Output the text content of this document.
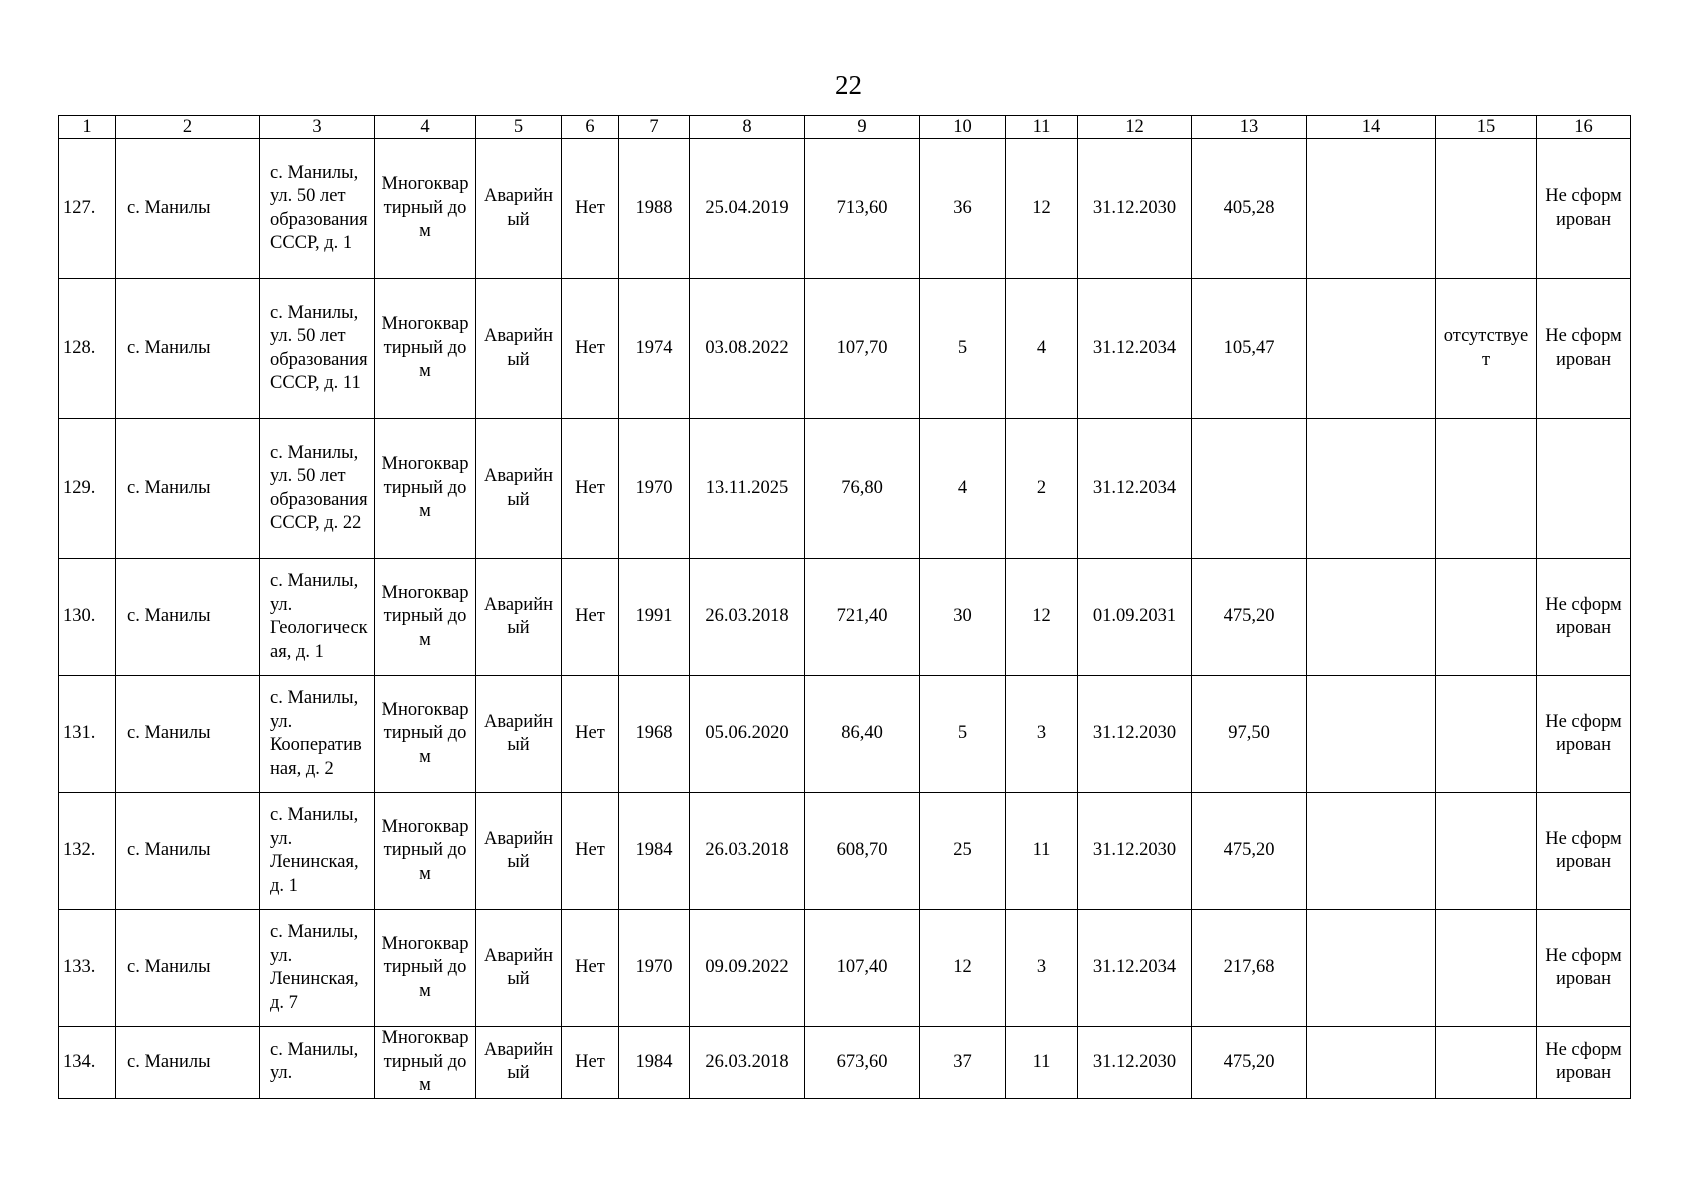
22
1	2	3	4	5	6	7	8	9	10	11	12	13	14	15	16
127.	с. Манилы	с. Манилы, ул. 50 лет образования СССР, д. 1	Многоквартирный дом	Аварийный	Нет	1988	25.04.2019	713,60	36	12	31.12.2030	405,28			Не сформирован
128.	с. Манилы	с. Манилы, ул. 50 лет образования СССР, д. 11	Многоквартирный дом	Аварийный	Нет	1974	03.08.2022	107,70	5	4	31.12.2034	105,47		отсутствует	Не сформирован
129.	с. Манилы	с. Манилы, ул. 50 лет образования СССР, д. 22	Многоквартирный дом	Аварийный	Нет	1970	13.11.2025	76,80	4	2	31.12.2034				
130.	с. Манилы	с. Манилы, ул. Геологическая, д. 1	Многоквартирный дом	Аварийный	Нет	1991	26.03.2018	721,40	30	12	01.09.2031	475,20			Не сформирован
131.	с. Манилы	с. Манилы, ул. Кооперативная, д. 2	Многоквартирный дом	Аварийный	Нет	1968	05.06.2020	86,40	5	3	31.12.2030	97,50			Не сформирован
132.	с. Манилы	с. Манилы, ул. Ленинская, д. 1	Многоквартирный дом	Аварийный	Нет	1984	26.03.2018	608,70	25	11	31.12.2030	475,20			Не сформирован
133.	с. Манилы	с. Манилы, ул. Ленинская, д. 7	Многоквартирный дом	Аварийный	Нет	1970	09.09.2022	107,40	12	3	31.12.2034	217,68			Не сформирован
134.	с. Манилы	с. Манилы, ул.	Многоквартирный дом	Аварийный	Нет	1984	26.03.2018	673,60	37	11	31.12.2030	475,20			Не сформирован
